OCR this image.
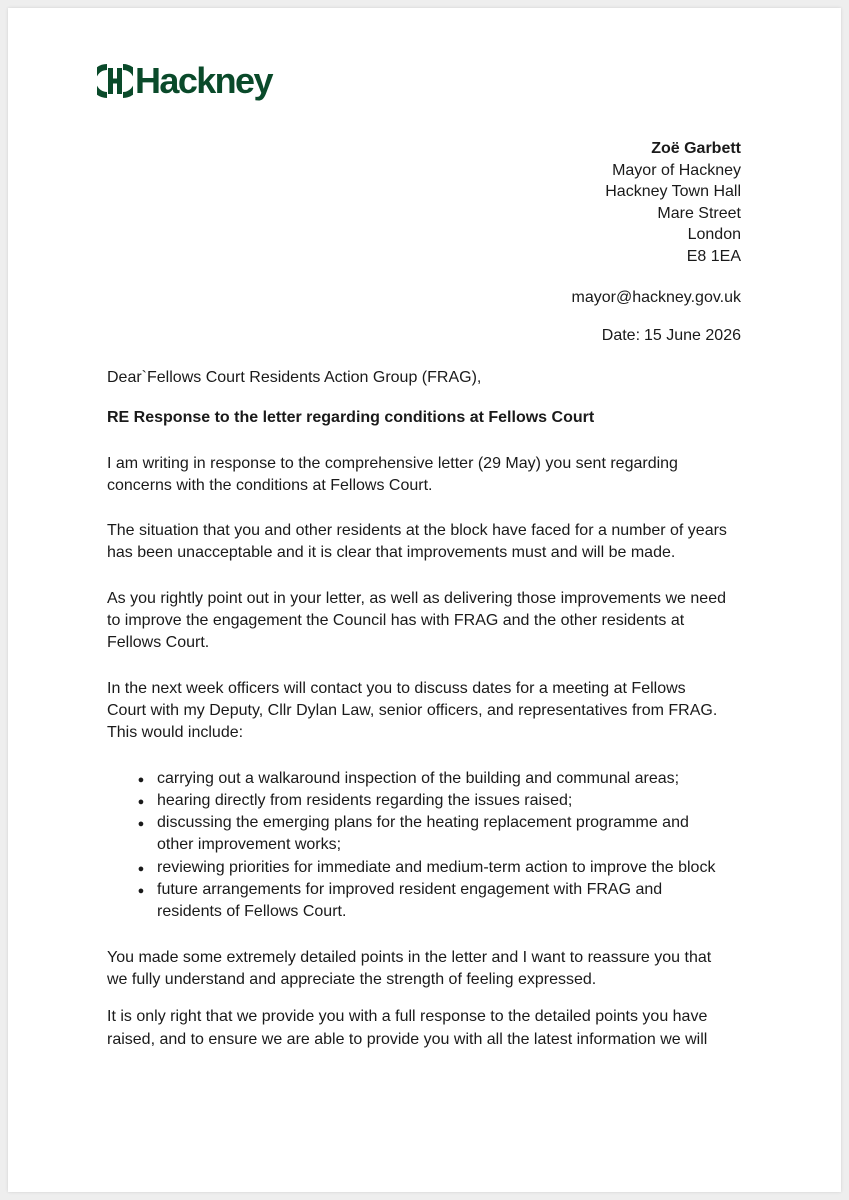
Hackney
Zoë Garbett
Mayor of Hackney
Hackney Town Hall
Mare Street
London
E8 1EA
mayor@hackney.gov.uk
Date: 15 June 2026

Dear`Fellows Court Residents Action Group (FRAG),

RE Response to the letter regarding conditions at Fellows Court

I am writing in response to the comprehensive letter (29 May) you sent regarding concerns with the conditions at Fellows Court.

The situation that you and other residents at the block have faced for a number of years has been unacceptable and it is clear that improvements must and will be made.

As you rightly point out in your letter, as well as delivering those improvements we need to improve the engagement the Council has with FRAG and the other residents at Fellows Court.

In the next week officers will contact you to discuss dates for a meeting at Fellows Court with my Deputy, Cllr Dylan Law, senior officers, and representatives from FRAG. This would include:

●
carrying out a walkaround inspection of the building and communal areas;
●
hearing directly from residents regarding the issues raised;
●
discussing the emerging plans for the heating replacement programme and other improvement works;
●
reviewing priorities for immediate and medium-term action to improve the block
●
future arrangements for improved resident engagement with FRAG and residents of Fellows Court.

You made some extremely detailed points in the letter and I want to reassure you that we fully understand and appreciate the strength of feeling expressed.

It is only right that we provide you with a full response to the detailed points you have raised, and to ensure we are able to provide you with all the latest information we will
